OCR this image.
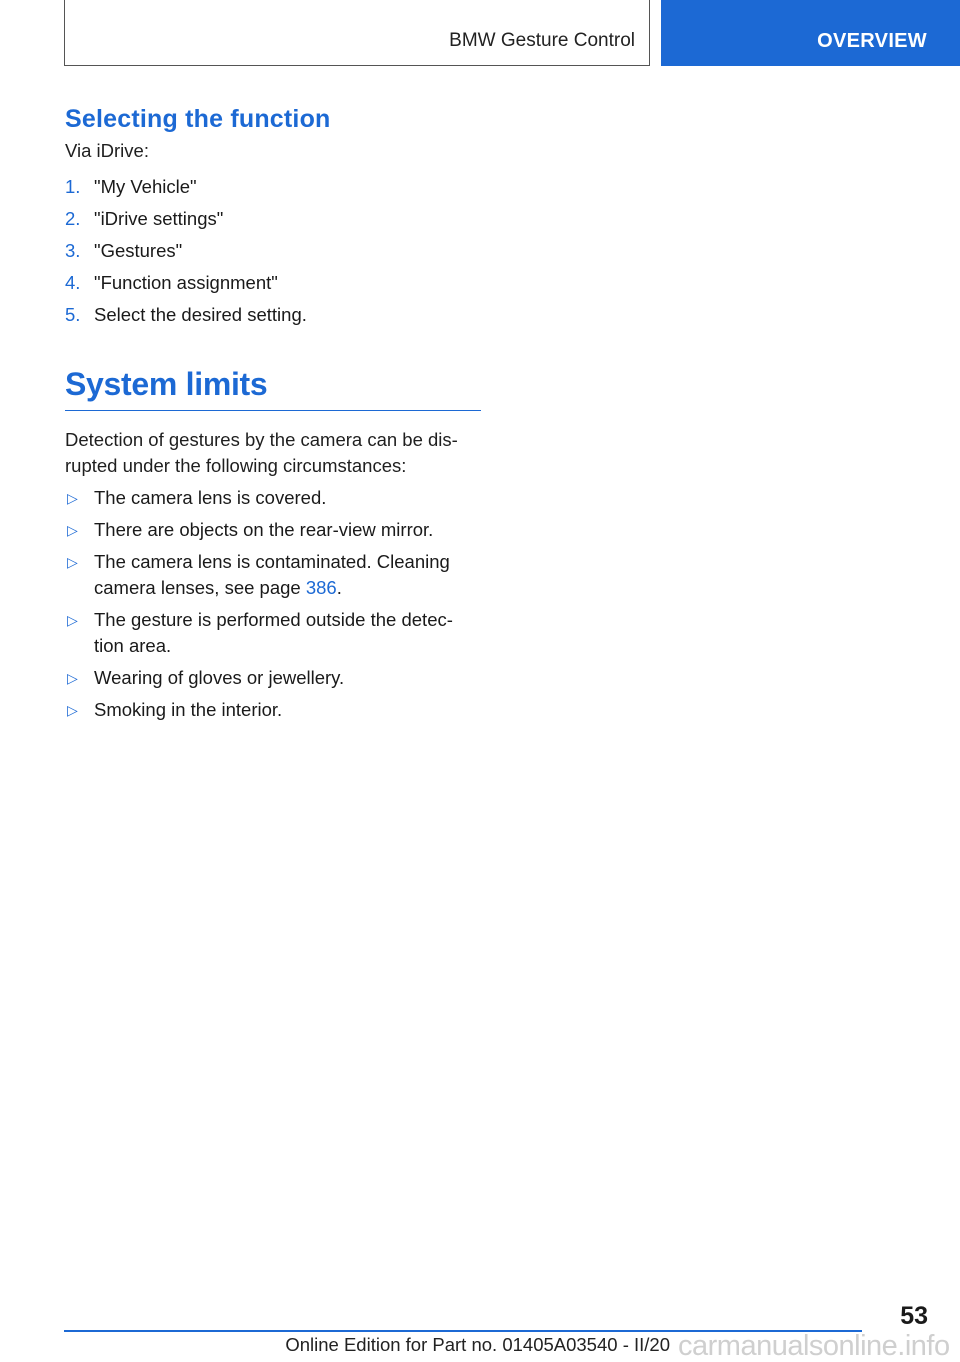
BMW Gesture Control	OVERVIEW
Selecting the function

Via iDrive:

1. "My Vehicle"
2. "iDrive settings"
3. "Gestures"
4. "Function assignment"
5. Select the desired setting.
System limits

Detection of gestures by the camera can be dis-rupted under the following circumstances:

▷ The camera lens is covered.
▷ There are objects on the rear-view mirror.
▷ The camera lens is contaminated. Cleaning camera lenses, see page 386.
▷ The gesture is performed outside the detec-tion area.
▷ Wearing of gloves or jewellery.
▷ Smoking in the interior.
53
Online Edition for Part no. 01405A03540 - II/20 carmanualsonline.info
